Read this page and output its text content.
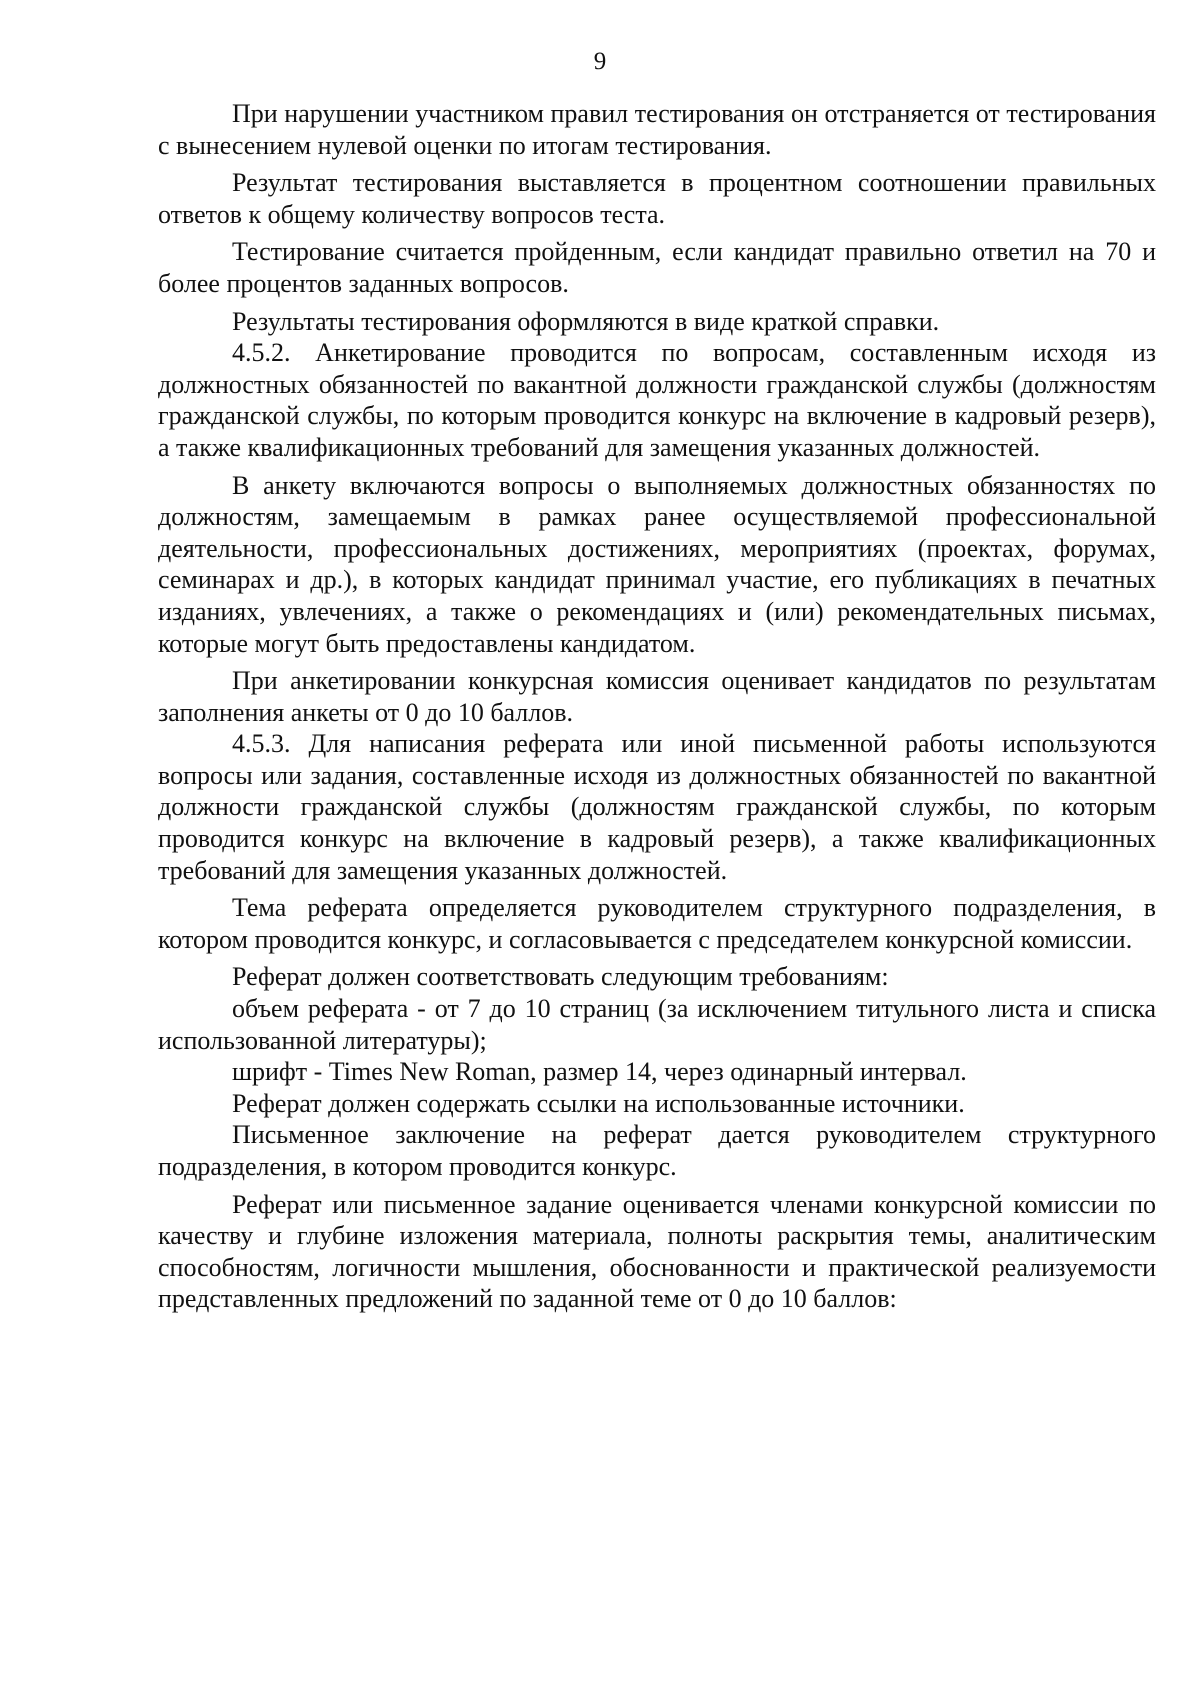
9

При нарушении участником правил тестирования он отстраняется от тестирования с вынесением нулевой оценки по итогам тестирования.

Результат тестирования выставляется в процентном соотношении правильных ответов к общему количеству вопросов теста.

Тестирование считается пройденным, если кандидат правильно ответил на 70 и более процентов заданных вопросов.

Результаты тестирования оформляются в виде краткой справки.

4.5.2. Анкетирование проводится по вопросам, составленным исходя из должностных обязанностей по вакантной должности гражданской службы (должностям гражданской службы, по которым проводится конкурс на включение в кадровый резерв), а также квалификационных требований для замещения указанных должностей.

В анкету включаются вопросы о выполняемых должностных обязанностях по должностям, замещаемым в рамках ранее осуществляемой профессиональной деятельности, профессиональных достижениях, мероприятиях (проектах, форумах, семинарах и др.), в которых кандидат принимал участие, его публикациях в печатных изданиях, увлечениях, а также о рекомендациях и (или) рекомендательных письмах, которые могут быть предоставлены кандидатом.

При анкетировании конкурсная комиссия оценивает кандидатов по результатам заполнения анкеты от 0 до 10 баллов.

4.5.3. Для написания реферата или иной письменной работы используются вопросы или задания, составленные исходя из должностных обязанностей по вакантной должности гражданской службы (должностям гражданской службы, по которым проводится конкурс на включение в кадровый резерв), а также квалификационных требований для замещения указанных должностей.

Тема реферата определяется руководителем структурного подразделения, в котором проводится конкурс, и согласовывается с председателем конкурсной комиссии.

Реферат должен соответствовать следующим требованиям:

объем реферата - от 7 до 10 страниц (за исключением титульного листа и списка использованной литературы);

шрифт - Times New Roman, размер 14, через одинарный интервал.

Реферат должен содержать ссылки на использованные источники.

Письменное заключение на реферат дается руководителем структурного подразделения, в котором проводится конкурс.

Реферат или письменное задание оценивается членами конкурсной комиссии по качеству и глубине изложения материала, полноты раскрытия темы, аналитическим способностям, логичности мышления, обоснованности и практической реализуемости представленных предложений по заданной теме от 0 до 10 баллов:
